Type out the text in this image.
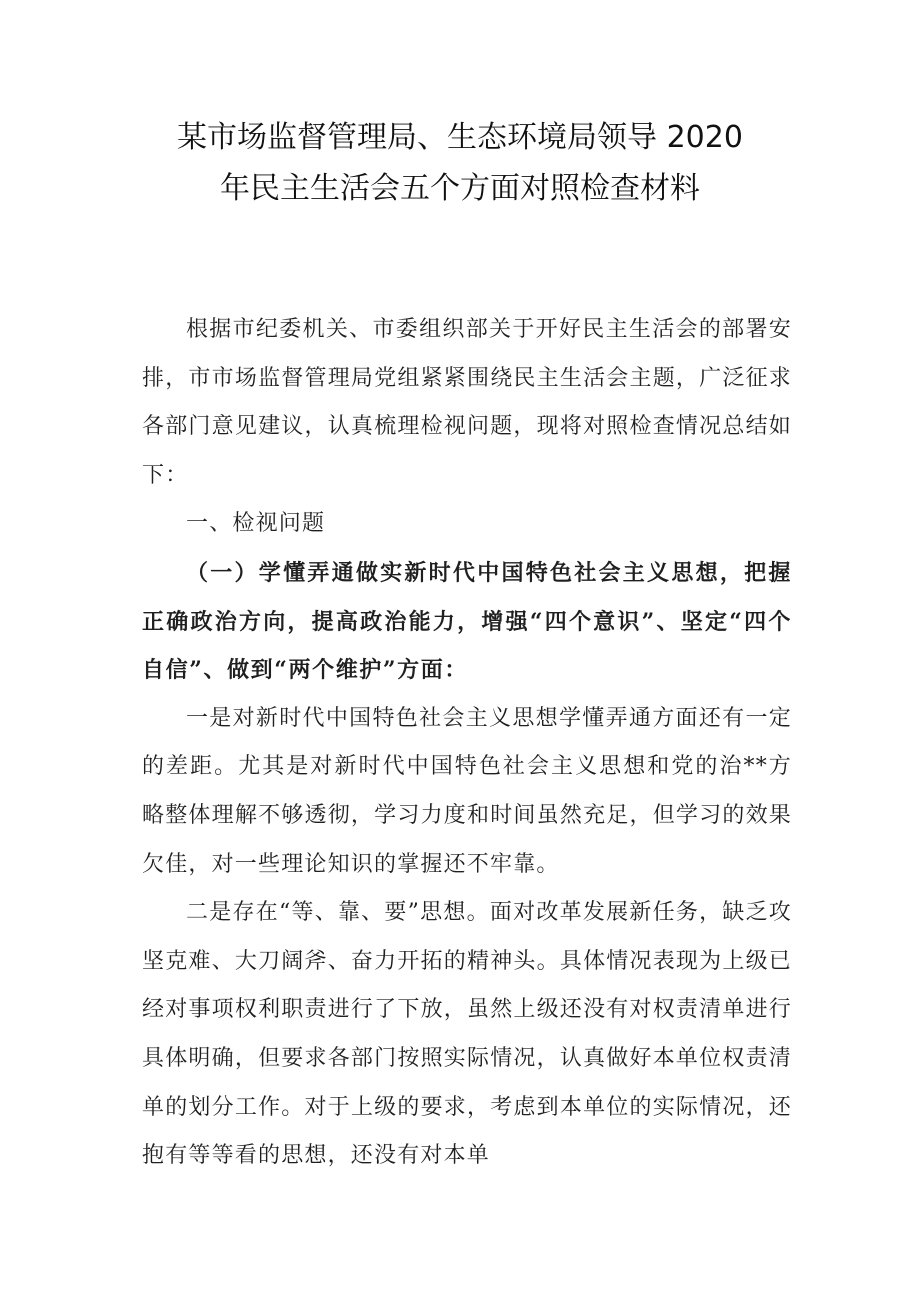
某市场监督管理局、生态环境局领导 2020
年民主生活会五个方面对照检查材料

根据市纪委机关、市委组织部关于开好民主生活会的部署安排，市市场监督管理局党组紧紧围绕民主生活会主题，广泛征求各部门意见建议，认真梳理检视问题，现将对照检查情况总结如下：

一、检视问题

（一）学懂弄通做实新时代中国特色社会主义思想，把握正确政治方向，提高政治能力，增强“四个意识”、坚定“四个自信”、做到“两个维护”方面：

一是对新时代中国特色社会主义思想学懂弄通方面还有一定的差距。尤其是对新时代中国特色社会主义思想和党的治**方略整体理解不够透彻，学习力度和时间虽然充足，但学习的效果欠佳，对一些理论知识的掌握还不牢靠。

二是存在“等、靠、要”思想。面对改革发展新任务，缺乏攻坚克难、大刀阔斧、奋力开拓的精神头。具体情况表现为上级已经对事项权利职责进行了下放，虽然上级还没有对权责清单进行具体明确，但要求各部门按照实际情况，认真做好本单位权责清单的划分工作。对于上级的要求，考虑到本单位的实际情况，还抱有等等看的思想，还没有对本单
